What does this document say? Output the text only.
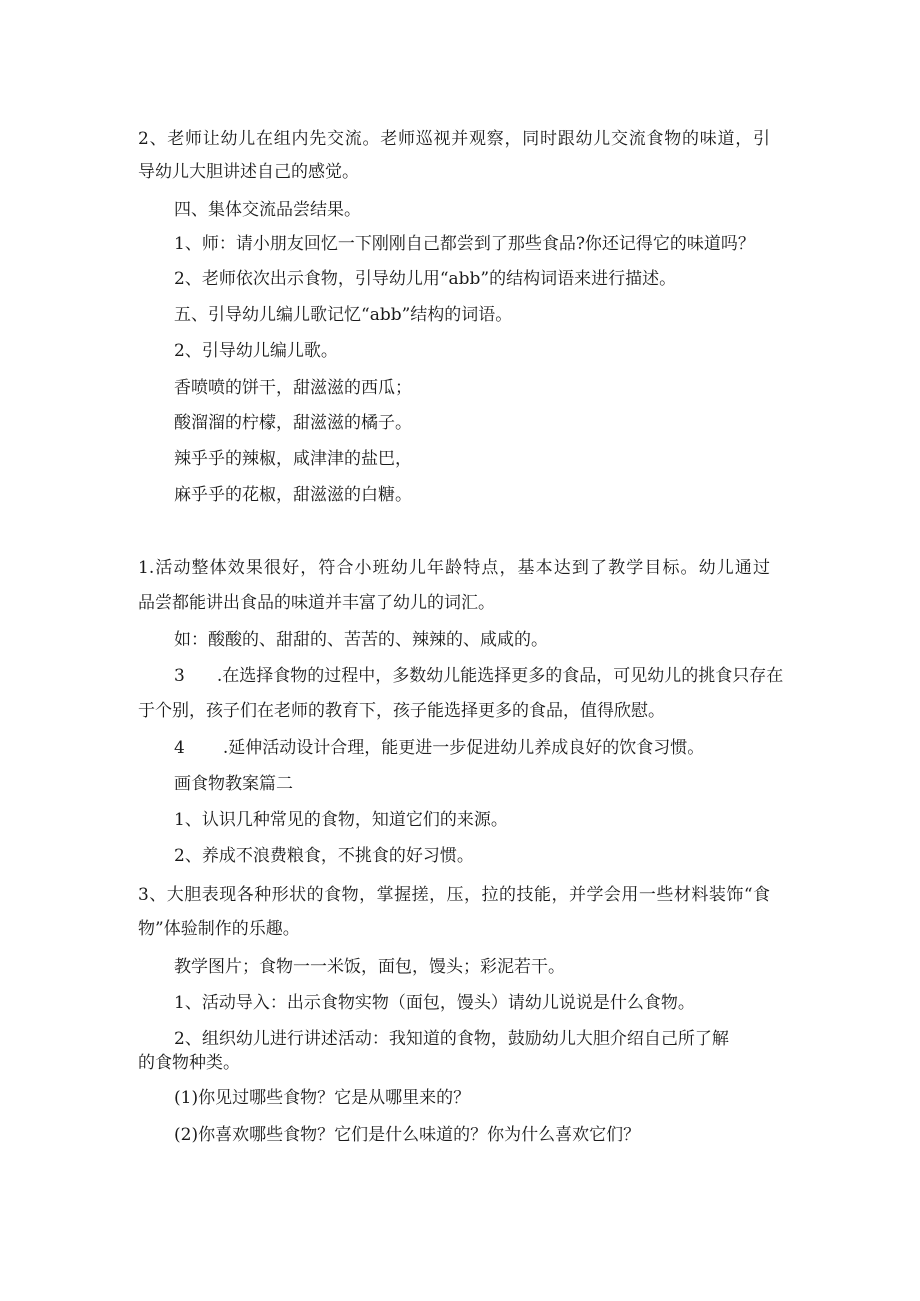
2、老师让幼儿在组内先交流。老师巡视并观察，同时跟幼儿交流食物的味道，引
导幼儿大胆讲述自己的感觉。
四、集体交流品尝结果。
1、师：请小朋友回忆一下刚刚自己都尝到了那些食品?你还记得它的味道吗？
2、老师依次出示食物，引导幼儿用“abb”的结构词语来进行描述。
五、引导幼儿编儿歌记忆“abb”结构的词语。
2、引导幼儿编儿歌。
香喷喷的饼干，甜滋滋的西瓜；
酸溜溜的柠檬，甜滋滋的橘子。
辣乎乎的辣椒，咸津津的盐巴，
麻乎乎的花椒，甜滋滋的白糖。
1.活动整体效果很好，符合小班幼儿年龄特点，基本达到了教学目标。幼儿通过
品尝都能讲出食品的味道并丰富了幼儿的词汇。
如：酸酸的、甜甜的、苦苦的、辣辣的、咸咸的。
3 .在选择食物的过程中，多数幼儿能选择更多的食品，可见幼儿的挑食只存在
于个别，孩子们在老师的教育下，孩子能选择更多的食品，值得欣慰。
4 .延伸活动设计合理，能更进一步促进幼儿养成良好的饮食习惯。
画食物教案篇二
1、认识几种常见的食物，知道它们的来源。
2、养成不浪费粮食，不挑食的好习惯。
3、大胆表现各种形状的食物，掌握搓，压，拉的技能，并学会用一些材料装饰“食
物”体验制作的乐趣。
教学图片；食物一一米饭，面包，馒头；彩泥若干。
1、活动导入：出示食物实物（面包，馒头）请幼儿说说是什么食物。
2、组织幼儿进行讲述活动：我知道的食物，鼓励幼儿大胆介绍自己所了解
的食物种类。
(1)你见过哪些食物？它是从哪里来的？
(2)你喜欢哪些食物？它们是什么味道的？你为什么喜欢它们？
